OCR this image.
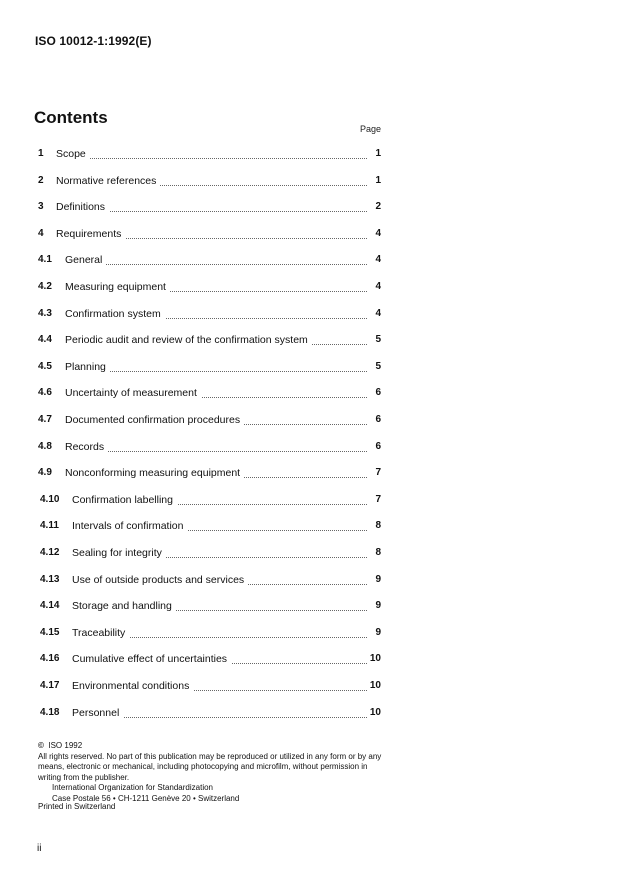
ISO 10012-1:1992(E)
Contents
Page
1 Scope	1
2 Normative references	1
3 Definitions	2
4 Requirements	4
4.1 General	4
4.2 Measuring equipment	4
4.3 Confirmation system	4
4.4 Periodic audit and review of the confirmation system	5
4.5 Planning	5
4.6 Uncertainty of measurement	6
4.7 Documented confirmation procedures	6
4.8 Records	6
4.9 Nonconforming measuring equipment	7
4.10 Confirmation labelling	7
4.11 Intervals of confirmation	8
4.12 Sealing for integrity	8
4.13 Use of outside products and services	9
4.14 Storage and handling	9
4.15 Traceability	9
4.16 Cumulative effect of uncertainties	10
4.17 Environmental conditions	10
4.18 Personnel	10
© ISO 1992
All rights reserved. No part of this publication may be reproduced or utilized in any form or by any means, electronic or mechanical, including photocopying and microfilm, without permission in writing from the publisher.
International Organization for Standardization
Case Postale 56 • CH-1211 Genève 20 • Switzerland
Printed in Switzerland
ii
